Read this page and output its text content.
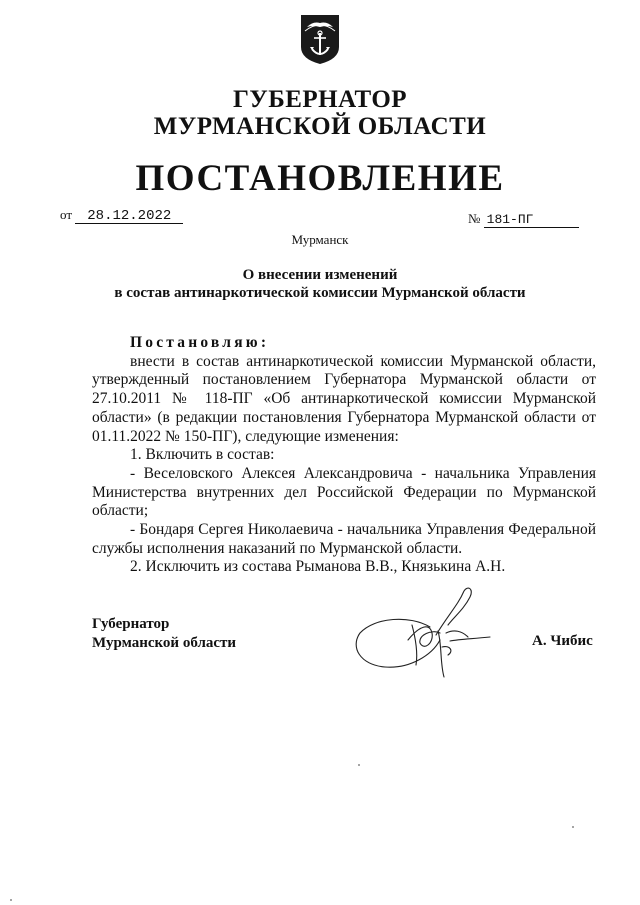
ГУБЕРНАТОР
МУРМАНСКОЙ ОБЛАСТИ
ПОСТАНОВЛЕНИЕ
от 28.12.2022	№ 181-ПГ
Мурманск
О внесении изменений
в состав антинаркотической комиссии Мурманской области

Постановляю:

внести в состав антинаркотической комиссии Мурманской области, утвержденный постановлением Губернатора Мурманской области от 27.10.2011 № 118-ПГ «Об антинаркотической комиссии Мурманской области» (в редакции постановления Губернатора Мурманской области от 01.11.2022 № 150-ПГ), следующие изменения:

1. Включить в состав:

- Веселовского Алексея Александровича - начальника Управления Министерства внутренних дел Российской Федерации по Мурманской области;

- Бондаря Сергея Николаевича - начальника Управления Федеральной службы исполнения наказаний по Мурманской области.

2. Исключить из состава Рыманова В.В., Князькина А.Н.

Губернатор
Мурманской области	А. Чибис
